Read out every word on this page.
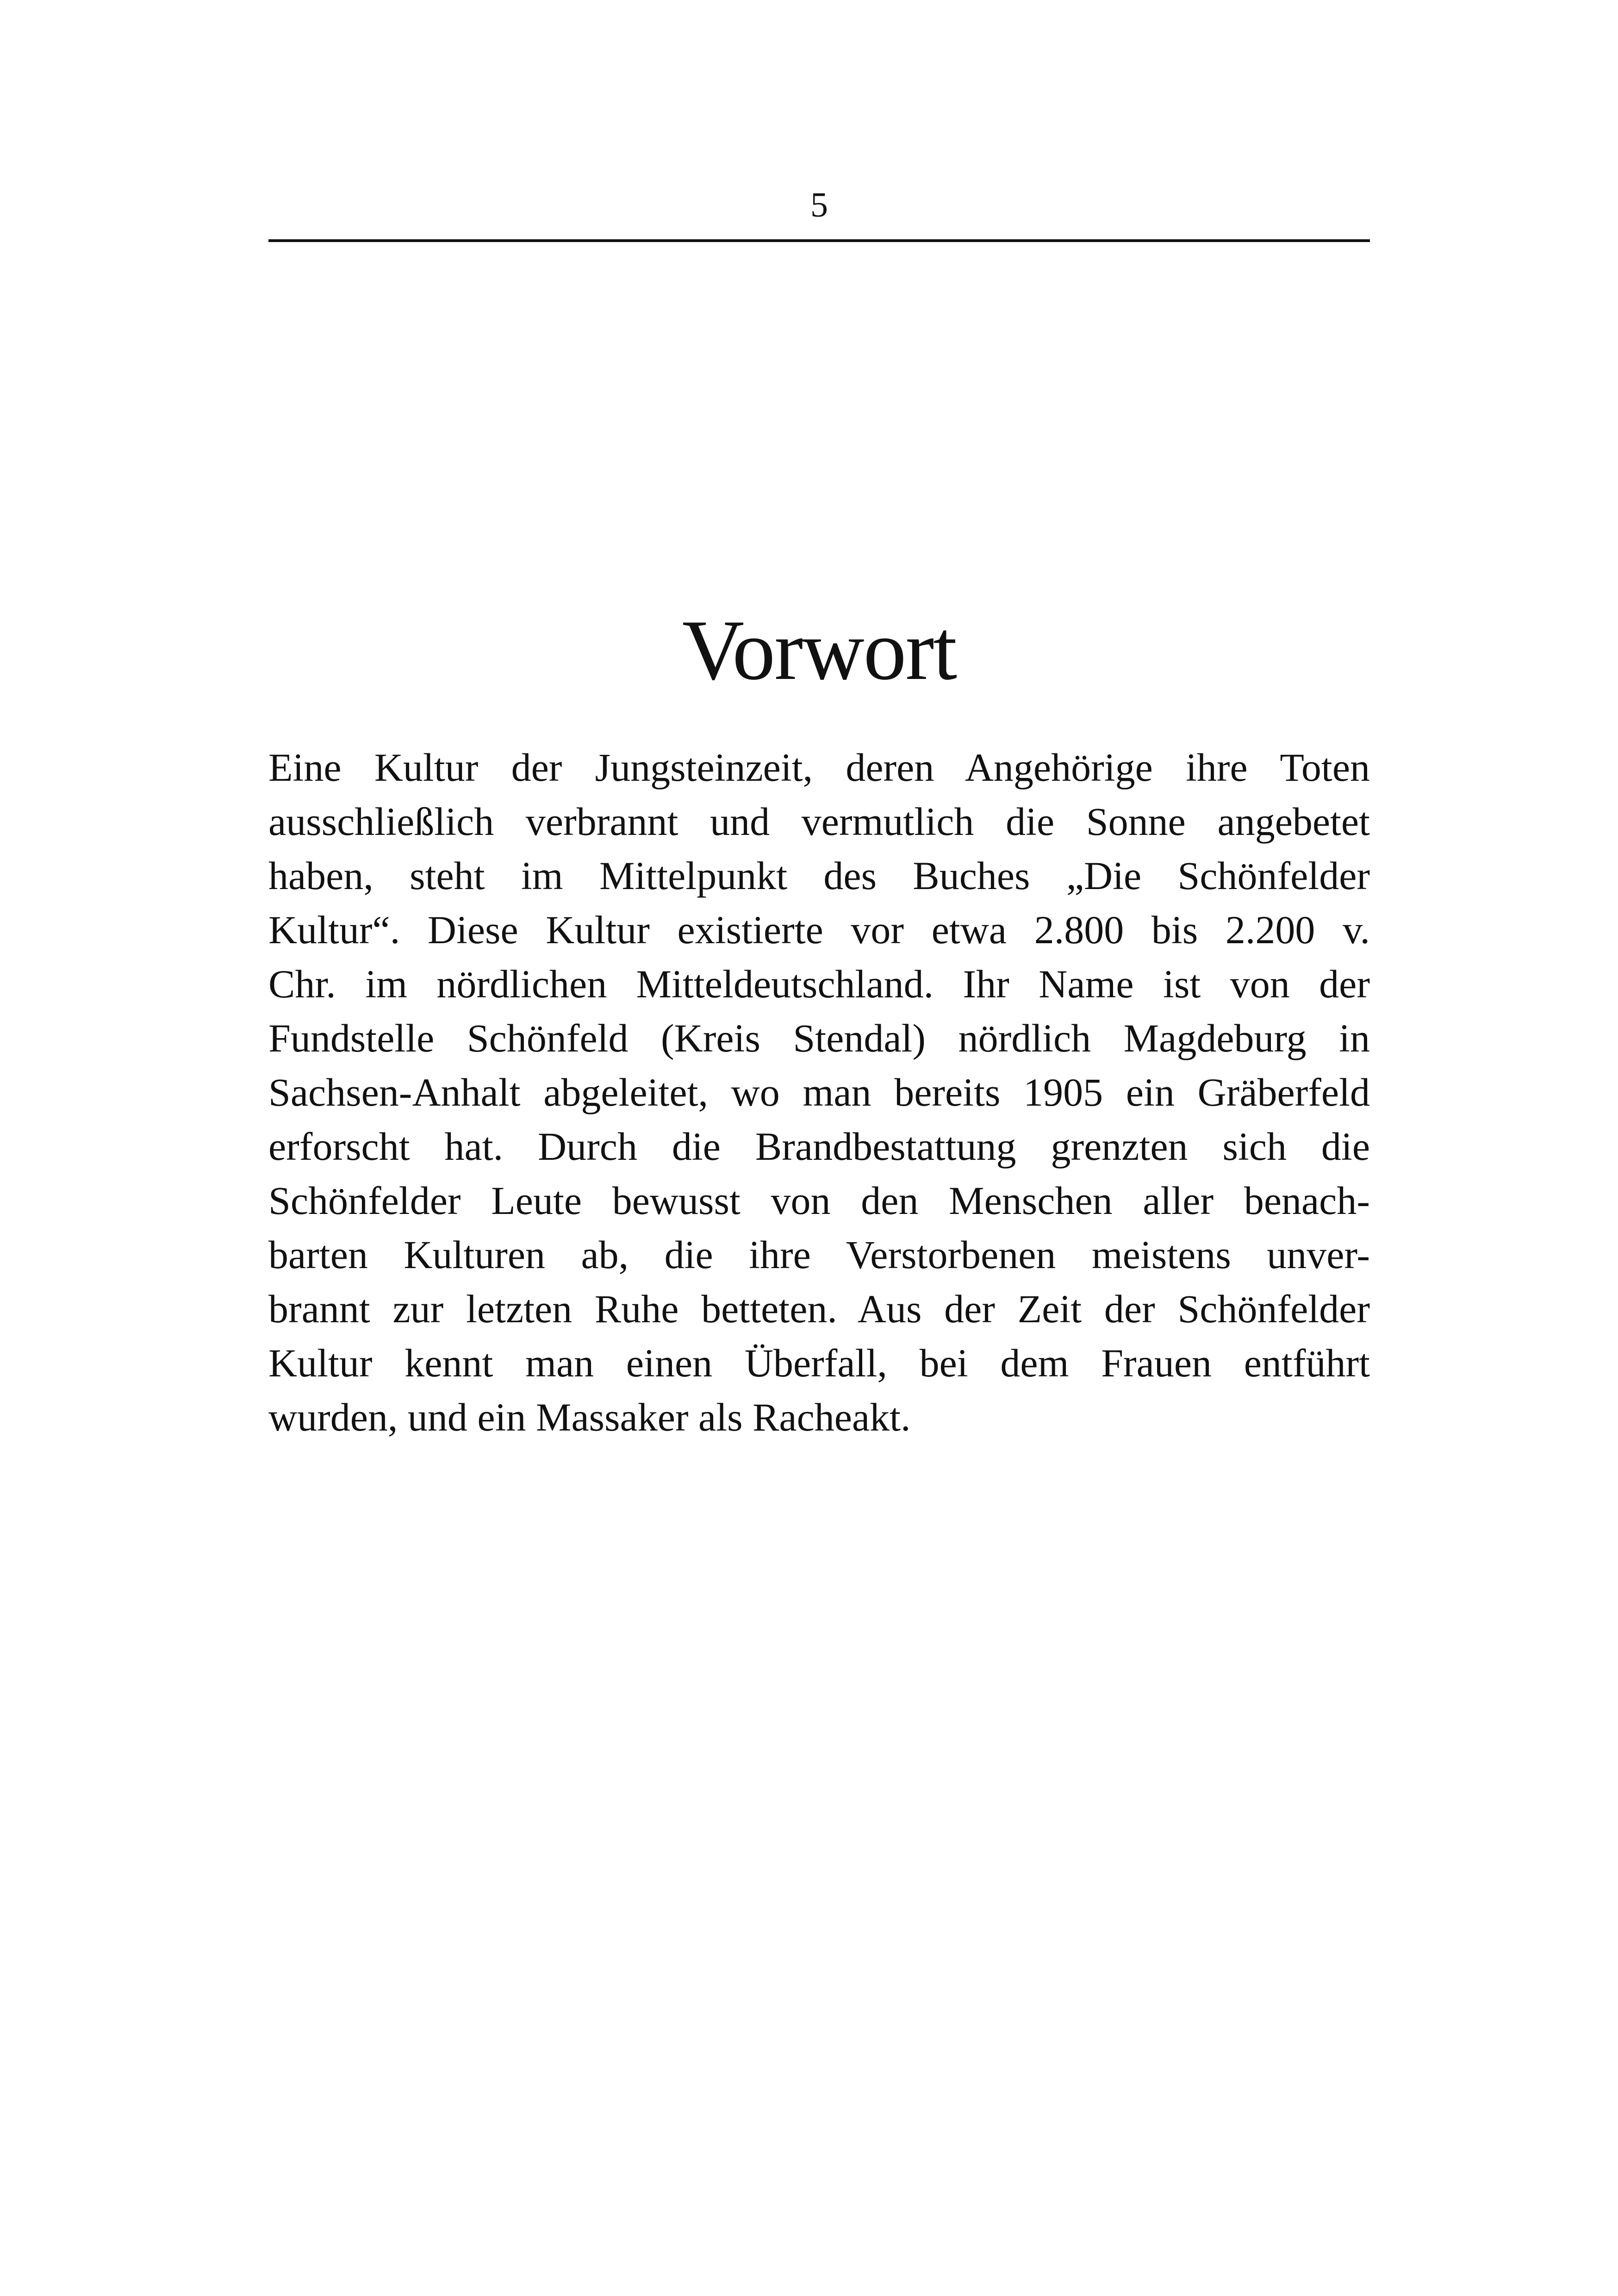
5
Vorwort
Eine Kultur der Jungsteinzeit, deren Angehörige ihre Toten
ausschließlich verbrannt und vermutlich die Sonne angebetet
haben, steht im Mittelpunkt des Buches „Die Schönfelder
Kultur“. Diese Kultur existierte vor etwa 2.800 bis 2.200 v.
Chr. im nördlichen Mitteldeutschland. Ihr Name ist von der
Fundstelle Schönfeld (Kreis Stendal) nördlich Magdeburg in
Sachsen-Anhalt abgeleitet, wo man bereits 1905 ein Gräberfeld
erforscht hat. Durch die Brandbestattung grenzten sich die
Schönfelder Leute bewusst von den Menschen aller benach-
barten Kulturen ab, die ihre Verstorbenen meistens unver-
brannt zur letzten Ruhe betteten. Aus der Zeit der Schönfelder
Kultur kennt man einen Überfall, bei dem Frauen entführt
wurden, und ein Massaker als Racheakt.
